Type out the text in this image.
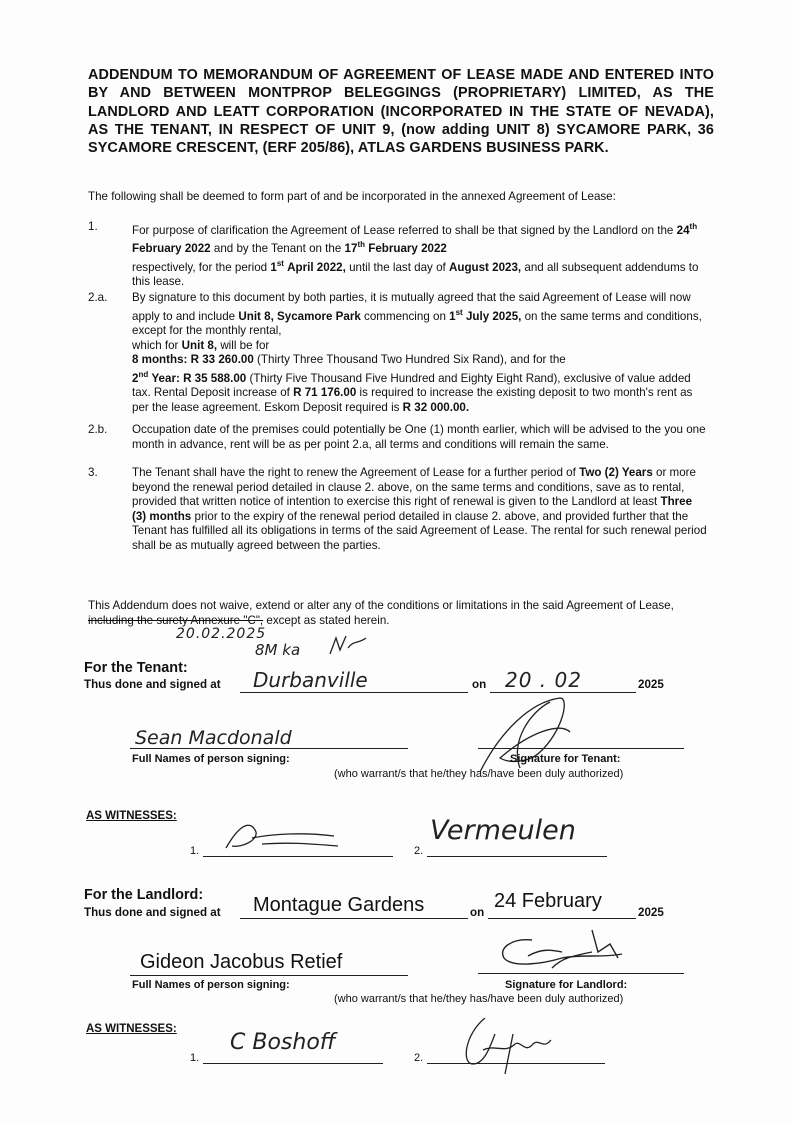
ADDENDUM TO MEMORANDUM OF AGREEMENT OF LEASE MADE AND ENTERED INTO BY AND BETWEEN MONTPROP BELEGGINGS (PROPRIETARY) LIMITED, AS THE LANDLORD AND LEATT CORPORATION (INCORPORATED IN THE STATE OF NEVADA), AS THE TENANT, IN RESPECT OF UNIT 9, (now adding UNIT 8) SYCAMORE PARK, 36 SYCAMORE CRESCENT, (ERF 205/86), ATLAS GARDENS BUSINESS PARK.
The following shall be deemed to form part of and be incorporated in the annexed Agreement of Lease:
1.	For purpose of clarification the Agreement of Lease referred to shall be that signed by the Landlord on the 24th February 2022 and by the Tenant on the 17th February 2022
respectively, for the period 1st April 2022, until the last day of August 2023, and all subsequent addendums to this lease.
2.a. By signature to this document by both parties, it is mutually agreed that the said Agreement of Lease will now apply to and include Unit 8, Sycamore Park commencing on 1st July 2025, on the same terms and conditions, except for the monthly rental,
which for Unit 8, will be for
8 months: R 33 260.00 (Thirty Three Thousand Two Hundred Six Rand), and for the
2nd Year: R 35 588.00 (Thirty Five Thousand Five Hundred and Eighty Eight Rand), exclusive of value added tax. Rental Deposit increase of R 71 176.00 is required to increase the existing deposit to two month's rent as per the lease agreement. Eskom Deposit required is R 32 000.00.
2.b. Occupation date of the premises could potentially be One (1) month earlier, which will be advised to the you one month in advance, rent will be as per point 2.a, all terms and conditions will remain the same.
3.	The Tenant shall have the right to renew the Agreement of Lease for a further period of Two (2) Years or more beyond the renewal period detailed in clause 2. above, on the same terms and conditions, save as to rental, provided that written notice of intention to exercise this right of renewal is given to the Landlord at least Three (3) months prior to the expiry of the renewal period detailed in clause 2. above, and provided further that the Tenant has fulfilled all its obligations in terms of the said Agreement of Lease. The rental for such renewal period shall be as mutually agreed between the parties.
This Addendum does not waive, extend or alter any of the conditions or limitations in the said Agreement of Lease, including the surety Annexure "C", except as stated herein.
20.02.2025
8M ka
For the Tenant:
Thus done and signed at Durbanville	on 20 . 02	2025
Sean Macdonald
Full Names of person signing:	Signature for Tenant:
(who warrant/s that he/they has/have been duly authorized)
AS WITNESSES:
1.	2.
Vermeulen
For the Landlord:
Thus done and signed at Montague Gardens	on
24 February
2025
Gideon Jacobus Retief
Full Names of person signing:	Signature for Landlord:
(who warrant/s that he/they has/have been duly authorized)
AS WITNESSES:
1.
C Boshoff
2.
